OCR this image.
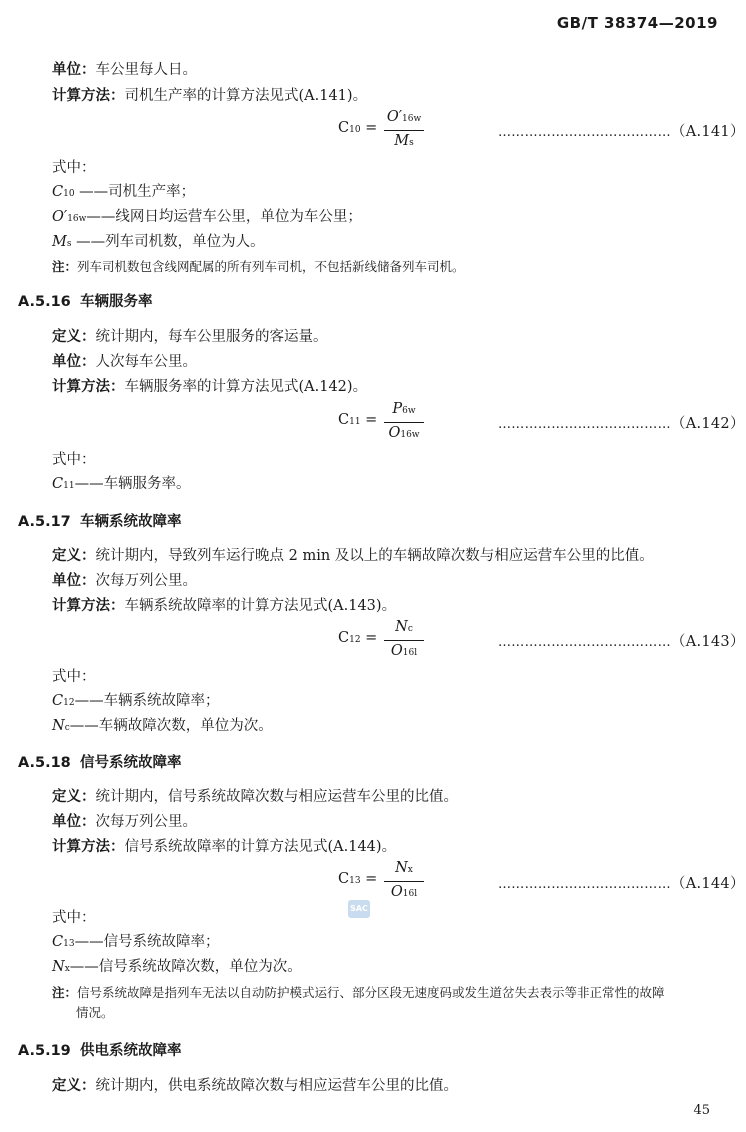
GB/T 38374—2019
单位：车公里每人日。
计算方法：司机生产率的计算方法见式(A.141)。
C10 =
O′16w
Ms
…………………………………（A.141）
式中：
C10 ——司机生产率；
O′16w——线网日均运营车公里，单位为车公里；
Ms ——列车司机数，单位为人。
注：列车司机数包含线网配属的所有列车司机，不包括新线储备列车司机。
A.5.16 车辆服务率
定义：统计期内，每车公里服务的客运量。
单位：人次每车公里。
计算方法：车辆服务率的计算方法见式(A.142)。
C11 =
P6w
O16w
…………………………………（A.142）
式中：
C11——车辆服务率。
A.5.17 车辆系统故障率
定义：统计期内，导致列车运行晚点 2 min 及以上的车辆故障次数与相应运营车公里的比值。
单位：次每万列公里。
计算方法：车辆系统故障率的计算方法见式(A.143)。
C12 =
Nc
O16l
…………………………………（A.143）
式中：
C12——车辆系统故障率；
Nc——车辆故障次数，单位为次。
A.5.18 信号系统故障率
定义：统计期内，信号系统故障次数与相应运营车公里的比值。
单位：次每万列公里。
计算方法：信号系统故障率的计算方法见式(A.144)。
C13 =
Nx
O16l
…………………………………（A.144）
SAC
式中：
C13——信号系统故障率；
Nx——信号系统故障次数，单位为次。
注：信号系统故障是指列车无法以自动防护模式运行、部分区段无速度码或发生道岔失去表示等非正常性的故障
情况。
A.5.19 供电系统故障率
定义：统计期内，供电系统故障次数与相应运营车公里的比值。
45
